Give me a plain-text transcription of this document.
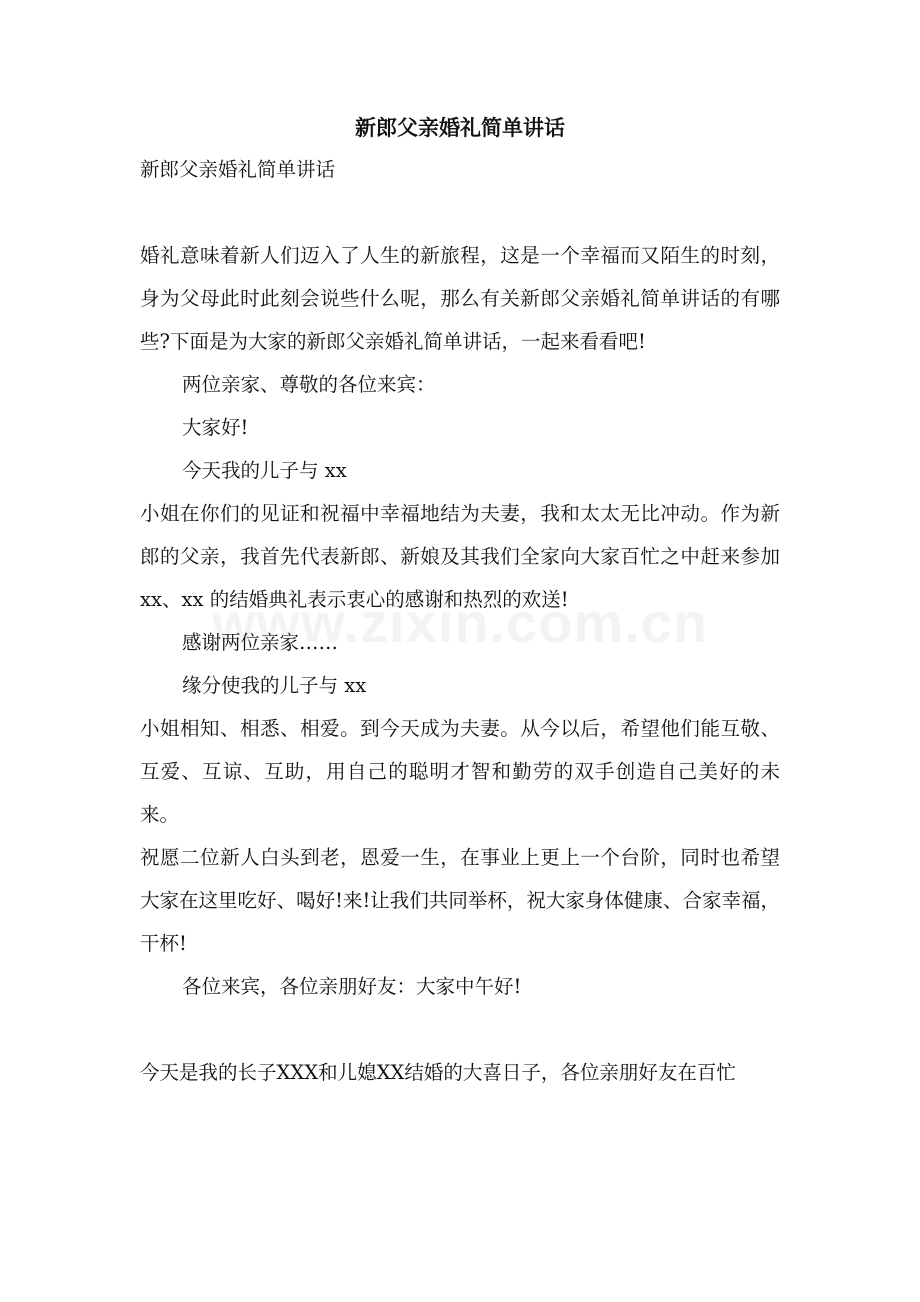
新郎父亲婚礼简单讲话

新郎父亲婚礼简单讲话

婚礼意味着新人们迈入了人生的新旅程，这是一个幸福而又陌生的时刻，身为父母此时此刻会说些什么呢，那么有关新郎父亲婚礼简单讲话的有哪些?下面是为大家的新郎父亲婚礼简单讲话，一起来看看吧!

两位亲家、尊敬的各位来宾：

大家好!

今天我的儿子与 xx

小姐在你们的见证和祝福中幸福地结为夫妻，我和太太无比冲动。作为新郎的父亲，我首先代表新郎、新娘及其我们全家向大家百忙之中赶来参加 xx、xx 的结婚典礼表示衷心的感谢和热烈的欢送!

感谢两位亲家……

缘分使我的儿子与 xx

小姐相知、相悉、相爱。到今天成为夫妻。从今以后，希望他们能互敬、互爱、互谅、互助，用自己的聪明才智和勤劳的双手创造自己美好的未来。

祝愿二位新人白头到老，恩爱一生，在事业上更上一个台阶，同时也希望大家在这里吃好、喝好!来!让我们共同举杯，祝大家身体健康、合家幸福，干杯!

各位来宾，各位亲朋好友：大家中午好!

今天是我的长子XXX和儿媳XX结婚的大喜日子，各位亲朋好友在百忙
